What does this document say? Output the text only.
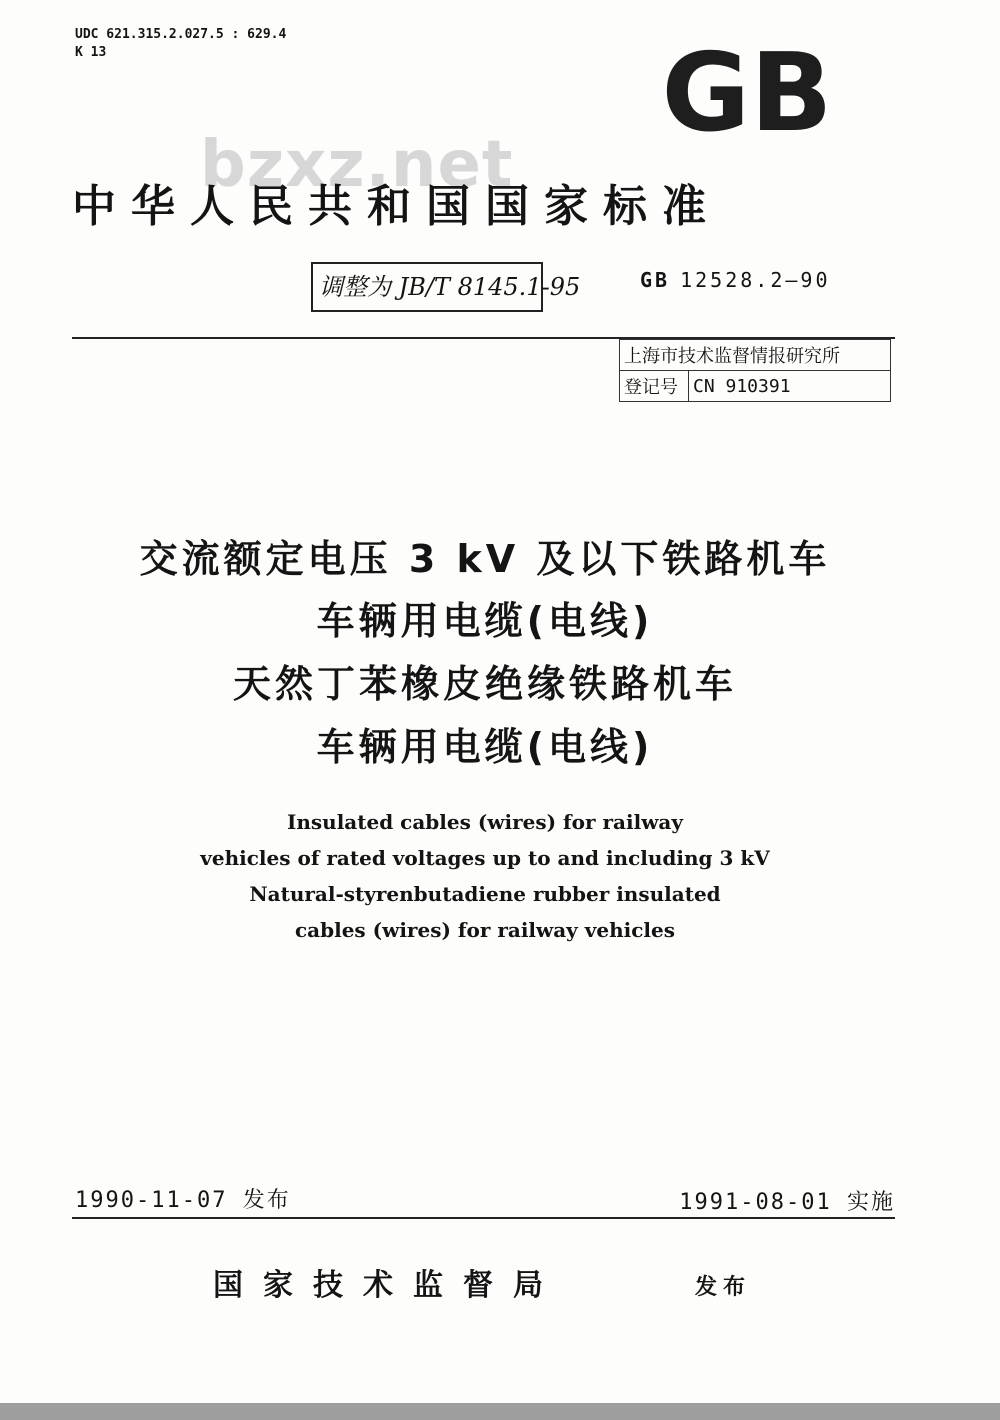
UDC 621.315.2.027.5 : 629.4
K 13	GB
bzxz.net
中华人民共和国国家标准
调整为 JB/T 8145.1-95	GB 12528.2—90
上海市技术监督情报研究所
登记号	CN 910391
交流额定电压 3 kV 及以下铁路机车
车辆用电缆(电线)
天然丁苯橡皮绝缘铁路机车
车辆用电缆(电线)
Insulated cables (wires) for railway
vehicles of rated voltages up to and including 3 kV
Natural-styrenbutadiene rubber insulated
cables (wires) for railway vehicles
1990-11-07 发布	1991-08-01 实施
国家技术监督局	发布
